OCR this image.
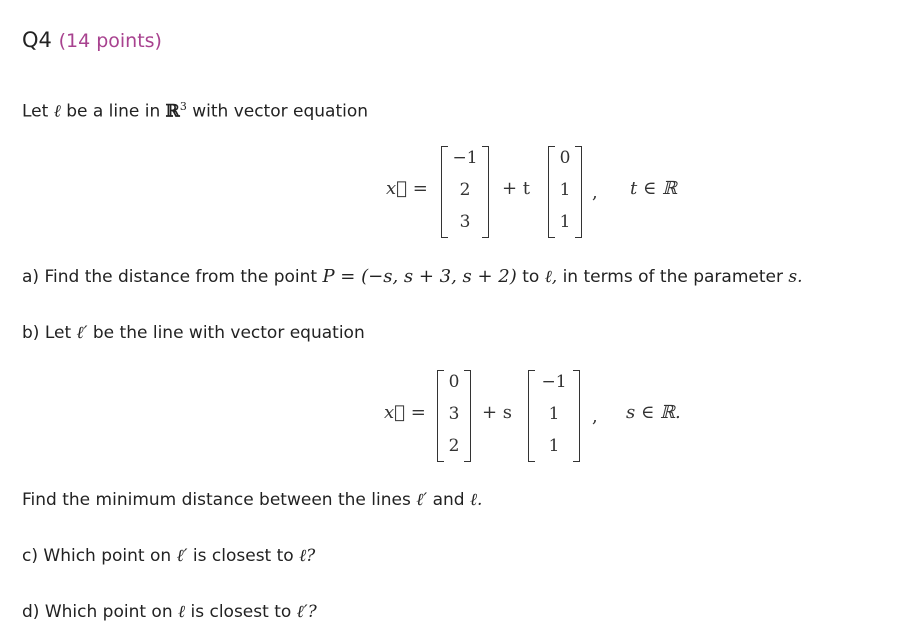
Q4 (14 points)
Let ℓ be a line in ℝ$^3$ with vector equation
x⃗ =
−1
2
3
+ t
0
1
1
, t ∈ ℝ
a) Find the distance from the point P = (−s, s + 3, s + 2) to ℓ, in terms of the parameter s.
b) Let ℓ′ be the line with vector equation
x⃗ =
0
3
2
+ s
−1
1
1
, s ∈ ℝ.
Find the minimum distance between the lines ℓ′ and ℓ.
c) Which point on ℓ′ is closest to ℓ?
d) Which point on ℓ is closest to ℓ′?
